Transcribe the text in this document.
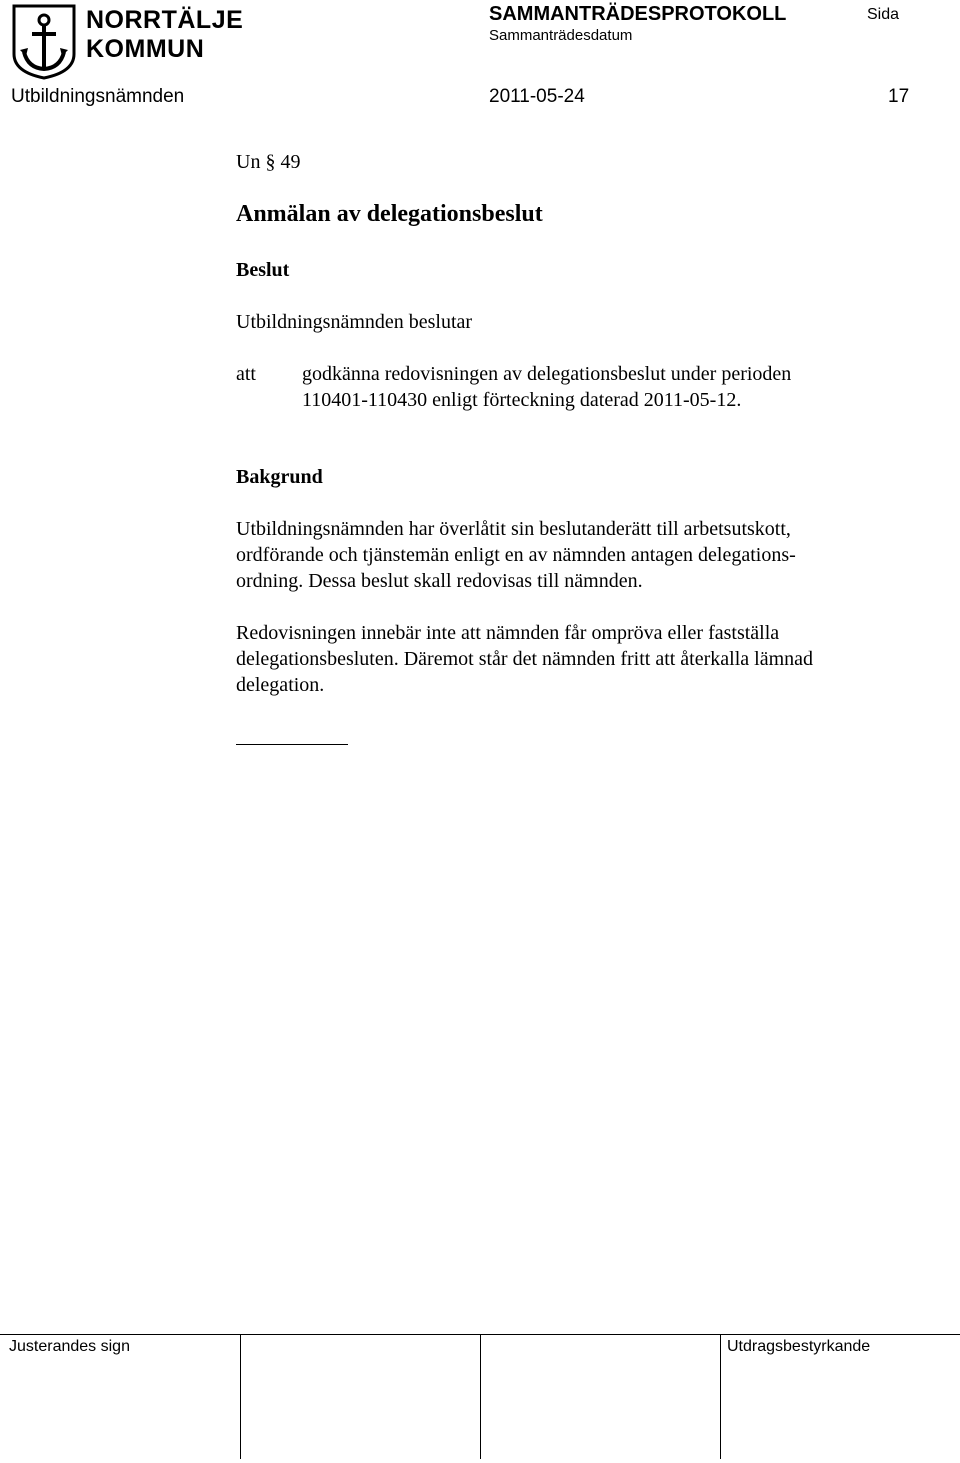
NORRTÄLJE
KOMMUN
SAMMANTRÄDESPROTOKOLL
Sammanträdesdatum
Sida
Utbildningsnämnden	2011-05-24	17
Un § 49
Anmälan av delegationsbeslut
Beslut
Utbildningsnämnden beslutar
att godkänna redovisningen av delegationsbeslut under perioden
110401-110430 enligt förteckning daterad 2011-05-12.
Bakgrund
Utbildningsnämnden har överlåtit sin beslutanderätt till arbetsutskott,
ordförande och tjänstemän enligt en av nämnden antagen delegations-
ordning. Dessa beslut skall redovisas till nämnden.
Redovisningen innebär inte att nämnden får ompröva eller fastställa
delegationsbesluten. Däremot står det nämnden fritt att återkalla lämnad
delegation.
Justerandes sign	Utdragsbestyrkande
